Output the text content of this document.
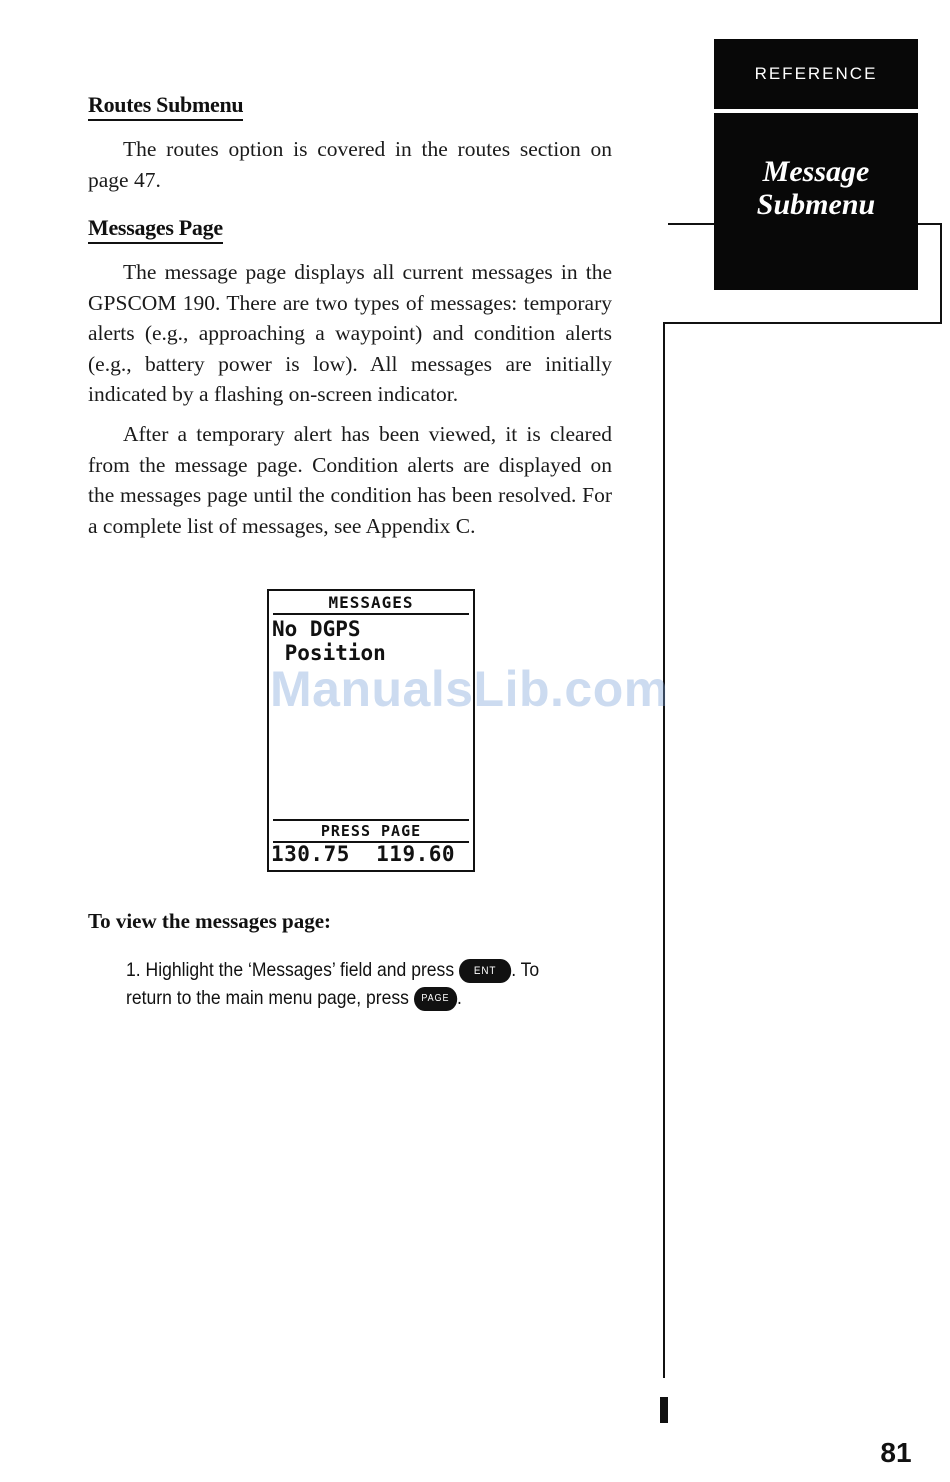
Routes Submenu

The routes option is covered in the routes section on page 47.

Messages Page

The message page displays all current messages in the GPSCOM 190. There are two types of messages: temporary alerts (e.g., approaching a waypoint) and condition alerts (e.g., battery power is low). All messages are initially indicated by a flashing on-screen indicator.

After a temporary alert has been viewed, it is cleared from the message page. Condition alerts are displayed on the messages page until the condition has been resolved. For a complete list of messages, see Appendix C.

REFERENCE
Message
Submenu
MESSAGES
No DGPS
Position
PRESS PAGE
130.75 119.60
ManualsLib.com
To view the messages page:

1. Highlight the ‘Messages’ field and press ENT . To return to the main menu page, press PAGE .

81
